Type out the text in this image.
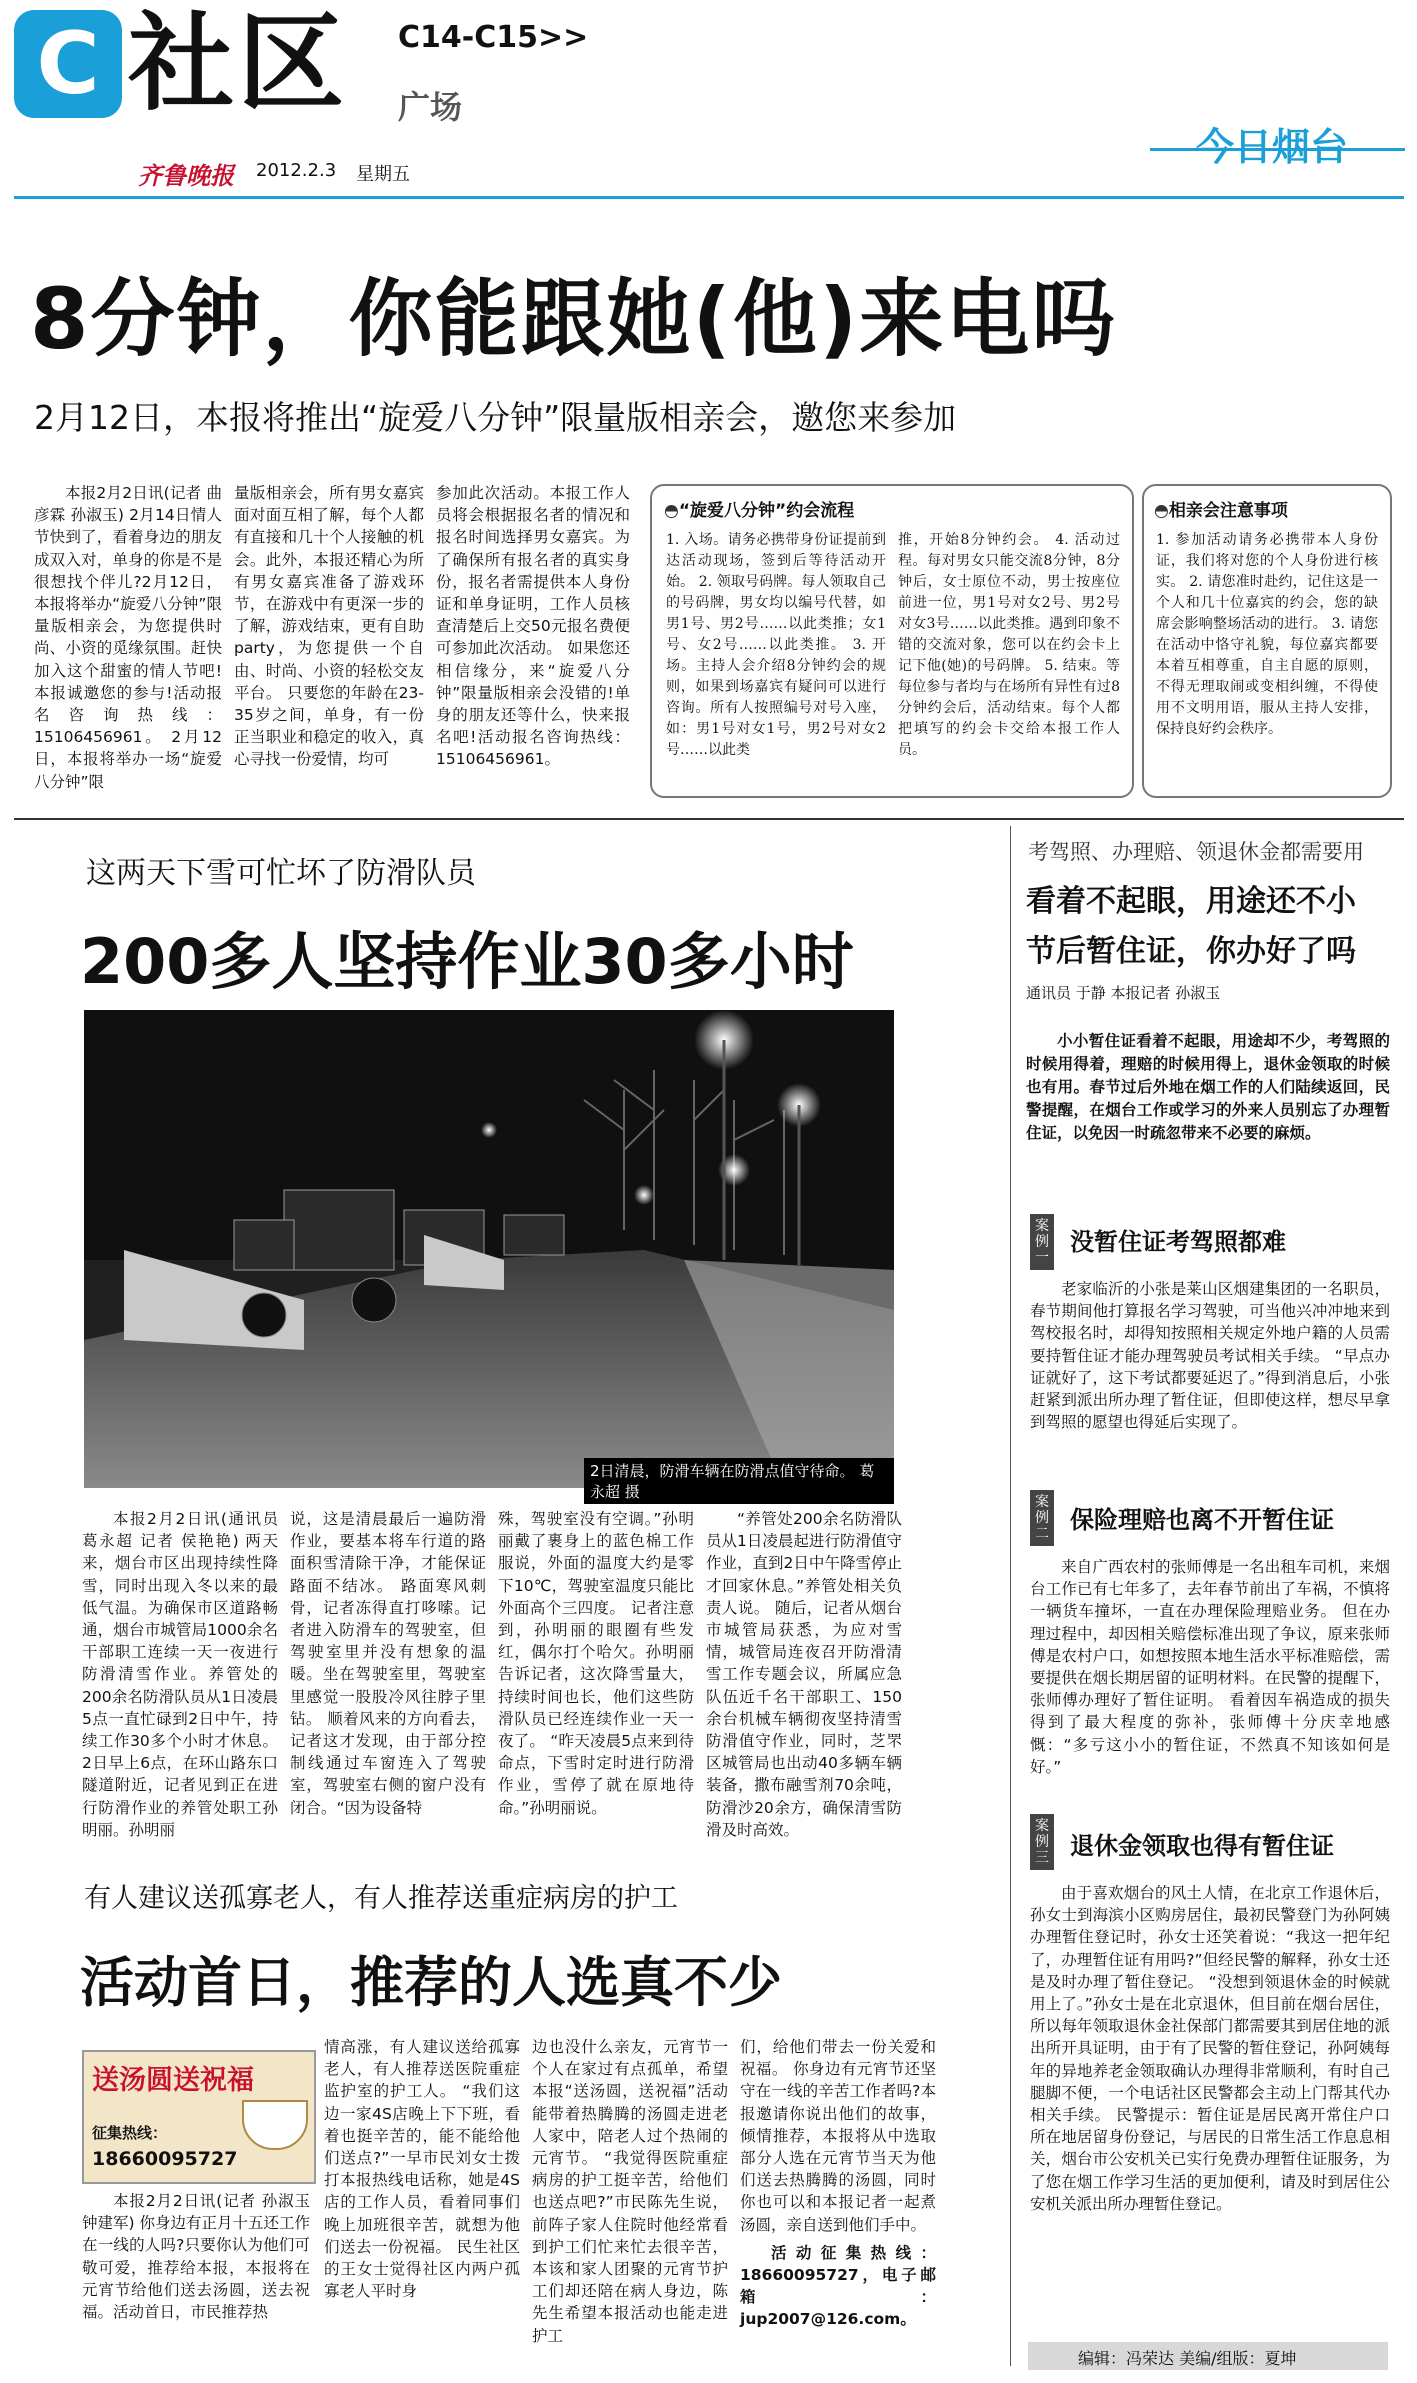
C 社区 C14-C15>>
广场
齐鲁晚报 2012.2.3 星期五
今日烟台
8分钟，你能跟她(他)来电吗
2月12日，本报将推出“旋爱八分钟”限量版相亲会，邀您来参加

本报2月2日讯(记者 曲彦霖 孙淑玉) 2月14日情人节快到了，看着身边的朋友成双入对，单身的你是不是很想找个伴儿?2月12日，本报将举办“旋爱八分钟”限量版相亲会，为您提供时尚、小资的觅缘氛围。赶快加入这个甜蜜的情人节吧!本报诚邀您的参与!活动报名咨询热线：15106456961。 2月12日，本报将举办一场“旋爱八分钟”限

量版相亲会，所有男女嘉宾面对面互相了解，每个人都有直接和几十个人接触的机会。此外，本报还精心为所有男女嘉宾准备了游戏环节，在游戏中有更深一步的了解，游戏结束，更有自助party，为您提供一个自由、时尚、小资的轻松交友平台。 只要您的年龄在23-35岁之间，单身，有一份正当职业和稳定的收入，真心寻找一份爱情，均可

参加此次活动。本报工作人员将会根据报名者的情况和报名时间选择男女嘉宾。为了确保所有报名者的真实身份，报名者需提供本人身份证和单身证明，工作人员核查清楚后上交50元报名费便可参加此次活动。 如果您还相信缘分，来“旋爱八分钟”限量版相亲会没错的!单身的朋友还等什么，快来报名吧!活动报名咨询热线：15106456961。

◓“旋爱八分钟”约会流程
1. 入场。请务必携带身份证提前到达活动现场，签到后等待活动开始。 2. 领取号码牌。每人领取自己的号码牌，男女均以编号代替，如男1号、男2号……以此类推；女1号、女2号……以此类推。 3. 开场。主持人会介绍8分钟约会的规则，如果到场嘉宾有疑问可以进行咨询。所有人按照编号对号入座，如：男1号对女1号，男2号对女2号……以此类
推，开始8分钟约会。 4. 活动过程。每对男女只能交流8分钟，8分钟后，女士原位不动，男士按座位前进一位，男1号对女2号、男2号对女3号……以此类推。遇到印象不错的交流对象，您可以在约会卡上记下他(她)的号码牌。 5. 结束。等每位参与者均与在场所有异性有过8分钟约会后，活动结束。每个人都把填写的约会卡交给本报工作人员。
◓相亲会注意事项
1. 参加活动请务必携带本人身份证，我们将对您的个人身份进行核实。 2. 请您准时赴约，记住这是一个人和几十位嘉宾的约会，您的缺席会影响整场活动的进行。 3. 请您在活动中恪守礼貌，每位嘉宾都要本着互相尊重，自主自愿的原则，不得无理取闹或变相纠缠，不得使用不文明用语，服从主持人安排，保持良好约会秩序。
这两天下雪可忙坏了防滑队员
200多人坚持作业30多小时
2日清晨，防滑车辆在防滑点值守待命。 葛永超 摄

本报2月2日讯(通讯员 葛永超 记者 侯艳艳) 两天来，烟台市区出现持续性降雪，同时出现入冬以来的最低气温。为确保市区道路畅通，烟台市城管局1000余名干部职工连续一天一夜进行防滑清雪作业。养管处的200余名防滑队员从1日凌晨5点一直忙碌到2日中午，持续工作30多个小时才休息。 2日早上6点，在环山路东口隧道附近，记者见到正在进行防滑作业的养管处职工孙明丽。孙明丽

说，这是清晨最后一遍防滑作业，要基本将车行道的路面积雪清除干净，才能保证路面不结冰。 路面寒风刺骨，记者冻得直打哆嗦。记者进入防滑车的驾驶室，但驾驶室里并没有想象的温暖。坐在驾驶室里，驾驶室里感觉一股股冷风往脖子里钻。 顺着风来的方向看去，记者这才发现，由于部分控制线通过车窗连入了驾驶室，驾驶室右侧的窗户没有闭合。“因为设备特

殊，驾驶室没有空调。”孙明丽戴了裹身上的蓝色棉工作服说，外面的温度大约是零下10℃，驾驶室温度只能比外面高个三四度。 记者注意到，孙明丽的眼圈有些发红，偶尔打个哈欠。孙明丽告诉记者，这次降雪量大，持续时间也长，他们这些防滑队员已经连续作业一天一夜了。 “昨天凌晨5点来到待命点，下雪时定时进行防滑作业，雪停了就在原地待命。”孙明丽说。

“养管处200余名防滑队员从1日凌晨起进行防滑值守作业，直到2日中午降雪停止才回家休息。”养管处相关负责人说。 随后，记者从烟台市城管局获悉，为应对雪情，城管局连夜召开防滑清雪工作专题会议，所属应急队伍近千名干部职工、150余台机械车辆彻夜坚持清雪防滑值守作业，同时，芝罘区城管局也出动40多辆车辆装备，撒布融雪剂70余吨，防滑沙20余方，确保清雪防滑及时高效。

有人建议送孤寡老人，有人推荐送重症病房的护工
活动首日，推荐的人选真不少
送汤圆送祝福
征集热线：
18660095727

本报2月2日讯(记者 孙淑玉 钟建军) 你身边有正月十五还工作在一线的人吗?只要你认为他们可敬可爱，推荐给本报，本报将在元宵节给他们送去汤圆，送去祝福。活动首日，市民推荐热

情高涨，有人建议送给孤寡老人，有人推荐送医院重症监护室的护工人。 “我们这边一家4S店晚上下下班，看着也挺辛苦的，能不能给他们送点?”一早市民刘女士拨打本报热线电话称，她是4S店的工作人员，看着同事们晚上加班很辛苦，就想为他们送去一份祝福。 民生社区的王女士觉得社区内两户孤寡老人平时身

边也没什么亲友，元宵节一个人在家过有点孤单，希望本报“送汤圆，送祝福”活动能带着热腾腾的汤圆走进老人家中，陪老人过个热闹的元宵节。 “我觉得医院重症病房的护工挺辛苦，给他们也送点吧?”市民陈先生说，前阵子家人住院时他经常看到护工们忙来忙去很辛苦，本该和家人团聚的元宵节护工们却还陪在病人身边，陈先生希望本报活动也能走进护工

们，给他们带去一份关爱和祝福。 你身边有元宵节还坚守在一线的辛苦工作者吗?本报邀请你说出他们的故事，倾情推荐，本报将从中选取部分人选在元宵节当天为他们送去热腾腾的汤圆，同时你也可以和本报记者一起煮汤圆，亲自送到他们手中。

活动征集热线：18660095727，电子邮箱：jup2007@126.com。

考驾照、办理赔、领退休金都需要用
看着不起眼，用途还不小
节后暂住证，你办好了吗
通讯员 于静 本报记者 孙淑玉

小小暂住证看着不起眼，用途却不少，考驾照的时候用得着，理赔的时候用得上，退休金领取的时候也有用。春节过后外地在烟工作的人们陆续返回，民警提醒，在烟台工作或学习的外来人员别忘了办理暂住证，以免因一时疏忽带来不必要的麻烦。

案例一
没暂住证考驾照都难

老家临沂的小张是莱山区烟建集团的一名职员，春节期间他打算报名学习驾驶，可当他兴冲冲地来到驾校报名时，却得知按照相关规定外地户籍的人员需要持暂住证才能办理驾驶员考试相关手续。 “早点办证就好了，这下考试都要延迟了。”得到消息后，小张赶紧到派出所办理了暂住证，但即使这样，想尽早拿到驾照的愿望也得延后实现了。

案例二 保险理赔也离不开暂住证

来自广西农村的张师傅是一名出租车司机，来烟台工作已有七年多了，去年春节前出了车祸，不慎将一辆货车撞坏，一直在办理保险理赔业务。 但在办理过程中，却因相关赔偿标准出现了争议，原来张师傅是农村户口，如想按照本地生活水平标准赔偿，需要提供在烟长期居留的证明材料。在民警的提醒下，张师傅办理好了暂住证明。 看着因车祸造成的损失得到了最大程度的弥补，张师傅十分庆幸地感慨：“多亏这小小的暂住证，不然真不知该如何是好。”

案例三 退休金领取也得有暂住证

由于喜欢烟台的风土人情，在北京工作退休后，孙女士到海滨小区购房居住，最初民警登门为孙阿姨办理暂住登记时，孙女士还笑着说：“我这一把年纪了，办理暂住证有用吗?”但经民警的解释，孙女士还是及时办理了暂住登记。 “没想到领退休金的时候就用上了。”孙女士是在北京退休，但目前在烟台居住，所以每年领取退休金社保部门都需要其到居住地的派出所开具证明，由于有了民警的暂住登记，孙阿姨每年的异地养老金领取确认办理得非常顺利，有时自己腿脚不便，一个电话社区民警都会主动上门帮其代办相关手续。 民警提示：暂住证是居民离开常住户口所在地居留身份登记，与居民的日常生活工作息息相关，烟台市公安机关已实行免费办理暂住证服务，为了您在烟工作学习生活的更加便利，请及时到居住公安机关派出所办理暂住登记。

编辑：冯荣达 美编/组版：夏坤
